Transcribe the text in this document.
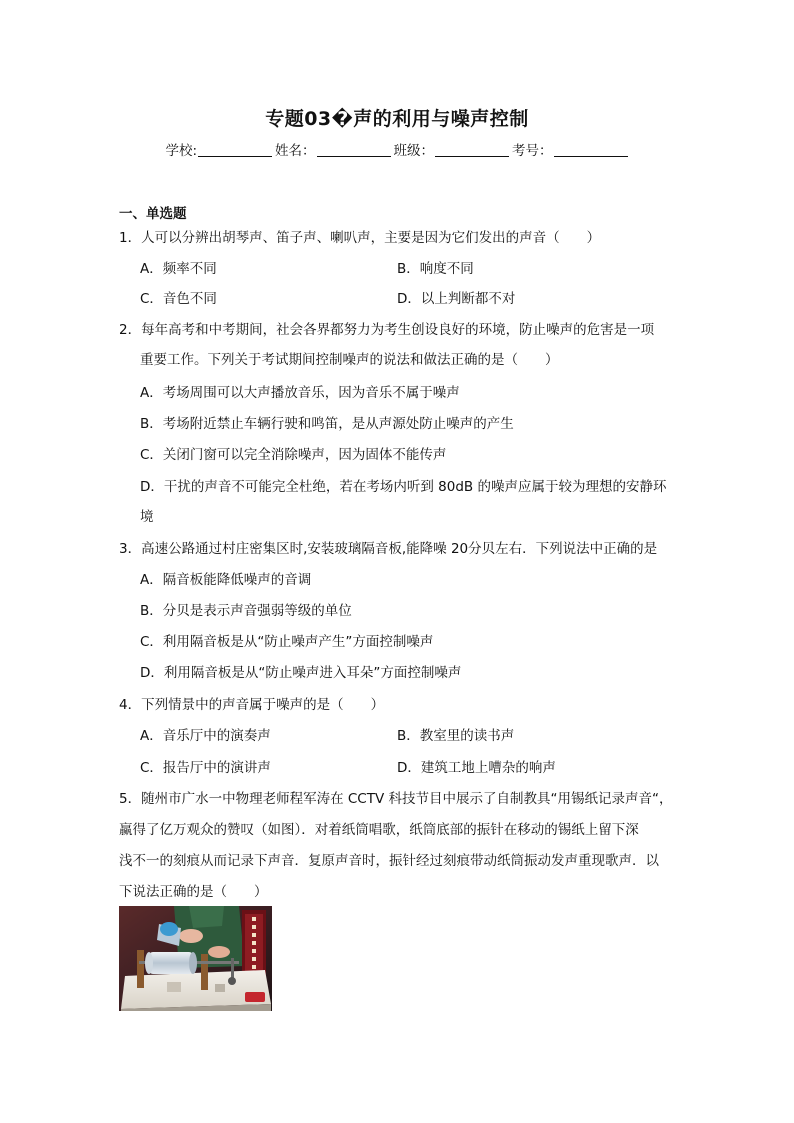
专题03�声的利用与噪声控制
学校:	姓名：	班级：	考号：
一、单选题
1．人可以分辨出胡琴声、笛子声、喇叭声，主要是因为它们发出的声音（　　）
A．频率不同	B．响度不同
C．音色不同	D．以上判断都不对
2．每年高考和中考期间，社会各界都努力为考生创设良好的环境，防止噪声的危害是一项
重要工作。下列关于考试期间控制噪声的说法和做法正确的是（　　）
A．考场周围可以大声播放音乐，因为音乐不属于噪声
B．考场附近禁止车辆行驶和鸣笛，是从声源处防止噪声的产生
C．关闭门窗可以完全消除噪声，因为固体不能传声
D．干扰的声音不可能完全杜绝，若在考场内听到 80dB 的噪声应属于较为理想的安静环
境
3．高速公路通过村庄密集区时,安装玻璃隔音板,能降噪 20分贝左右．下列说法中正确的是
A．隔音板能降低噪声的音调
B．分贝是表示声音强弱等级的单位
C．利用隔音板是从“防止噪声产生”方面控制噪声
D．利用隔音板是从“防止噪声进入耳朵”方面控制噪声
4．下列情景中的声音属于噪声的是（　　）
A．音乐厅中的演奏声	B．教室里的读书声
C．报告厅中的演讲声	D．建筑工地上嘈杂的响声
5．随州市广水一中物理老师程军涛在 CCTV 科技节目中展示了自制教具“用锡纸记录声音“，
赢得了亿万观众的赞叹（如图）．对着纸筒唱歌，纸筒底部的振针在移动的锡纸上留下深
浅不一的刻痕从而记录下声音．复原声音时，振针经过刻痕带动纸筒振动发声重现歌声．以
下说法正确的是（　　）
